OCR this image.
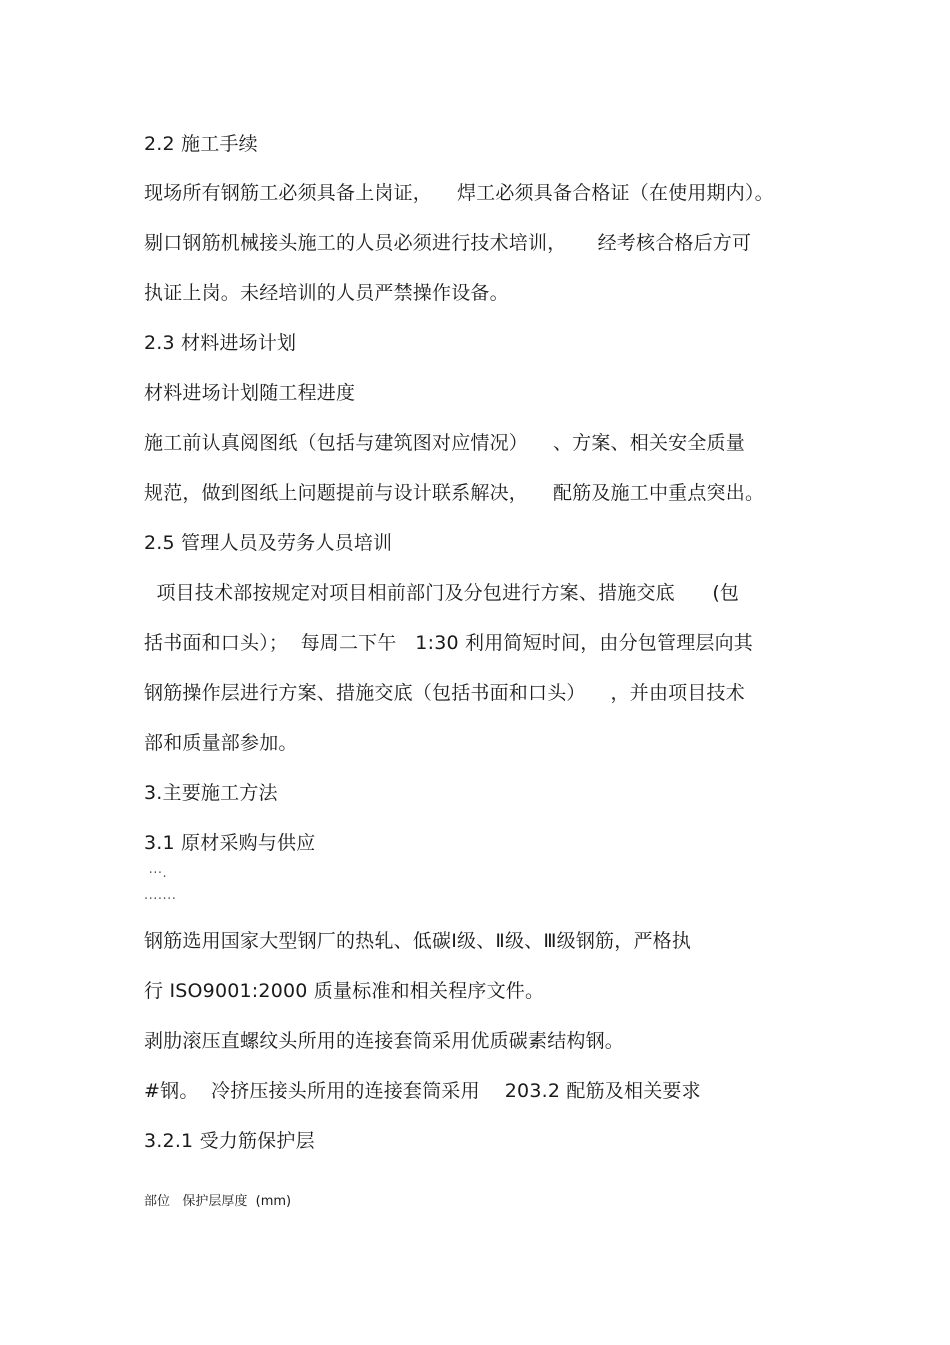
2.2 施工手续
现场所有钢筋工必须具备上岗证，    焊工必须具备合格证（在使用期内）。
剔口钢筋机械接头施工的人员必须进行技术培训，     经考核合格后方可
执证上岗。未经培训的人员严禁操作设备。
2.3 材料进场计划
材料进场计划随工程进度
施工前认真阅图纸（包括与建筑图对应情况）    、方案、相关安全质量
规范，做到图纸上问题提前与设计联系解决，    配筋及施工中重点突出。
2.5 管理人员及劳务人员培训
项目技术部按规定对项目相前部门及分包进行方案、措施交底      (包
括书面和口头）；  每周二下午   1:30 利用简短时间，由分包管理层向其
钢筋操作层进行方案、措施交底（包括书面和口头）    ，并由项目技术
部和质量部参加。
3.主要施工方法
3.1 原材采购与供应
···.
·······
钢筋选用国家大型钢厂的热轧、低碳Ⅰ级、Ⅱ级、Ⅲ级钢筋，严格执
行 ISO9001:2000 质量标准和相关程序文件。
剥肋滚压直螺纹头所用的连接套筒采用优质碳素结构钢。
#钢。  冷挤压接头所用的连接套筒采用    203.2 配筋及相关要求
3.2.1 受力筋保护层
部位   保护层厚度  (mm)
